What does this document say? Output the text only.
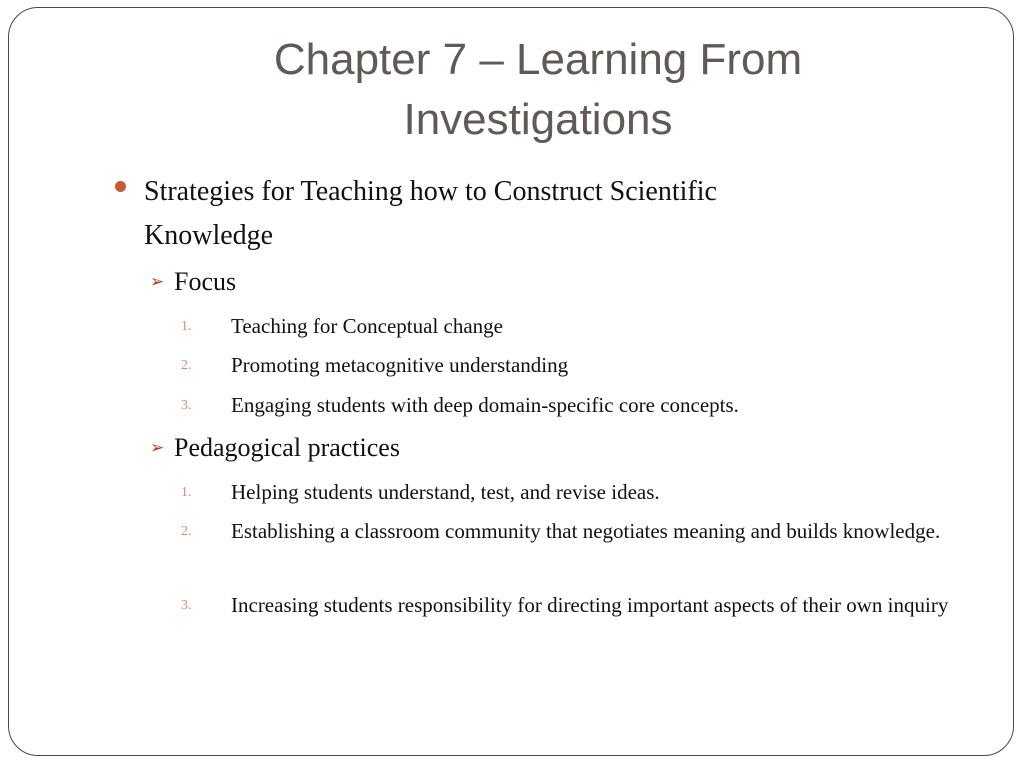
Chapter 7 – Learning From
Investigations
Strategies for Teaching how to Construct Scientific Knowledge
➢ Focus
1. Teaching for Conceptual change
2. Promoting metacognitive understanding
3. Engaging students with deep domain-specific core concepts.
➢ Pedagogical practices
1. Helping students understand, test, and revise ideas.
2. Establishing a classroom community that negotiates meaning and builds knowledge.
3. Increasing students responsibility for directing important aspects of their own inquiry
